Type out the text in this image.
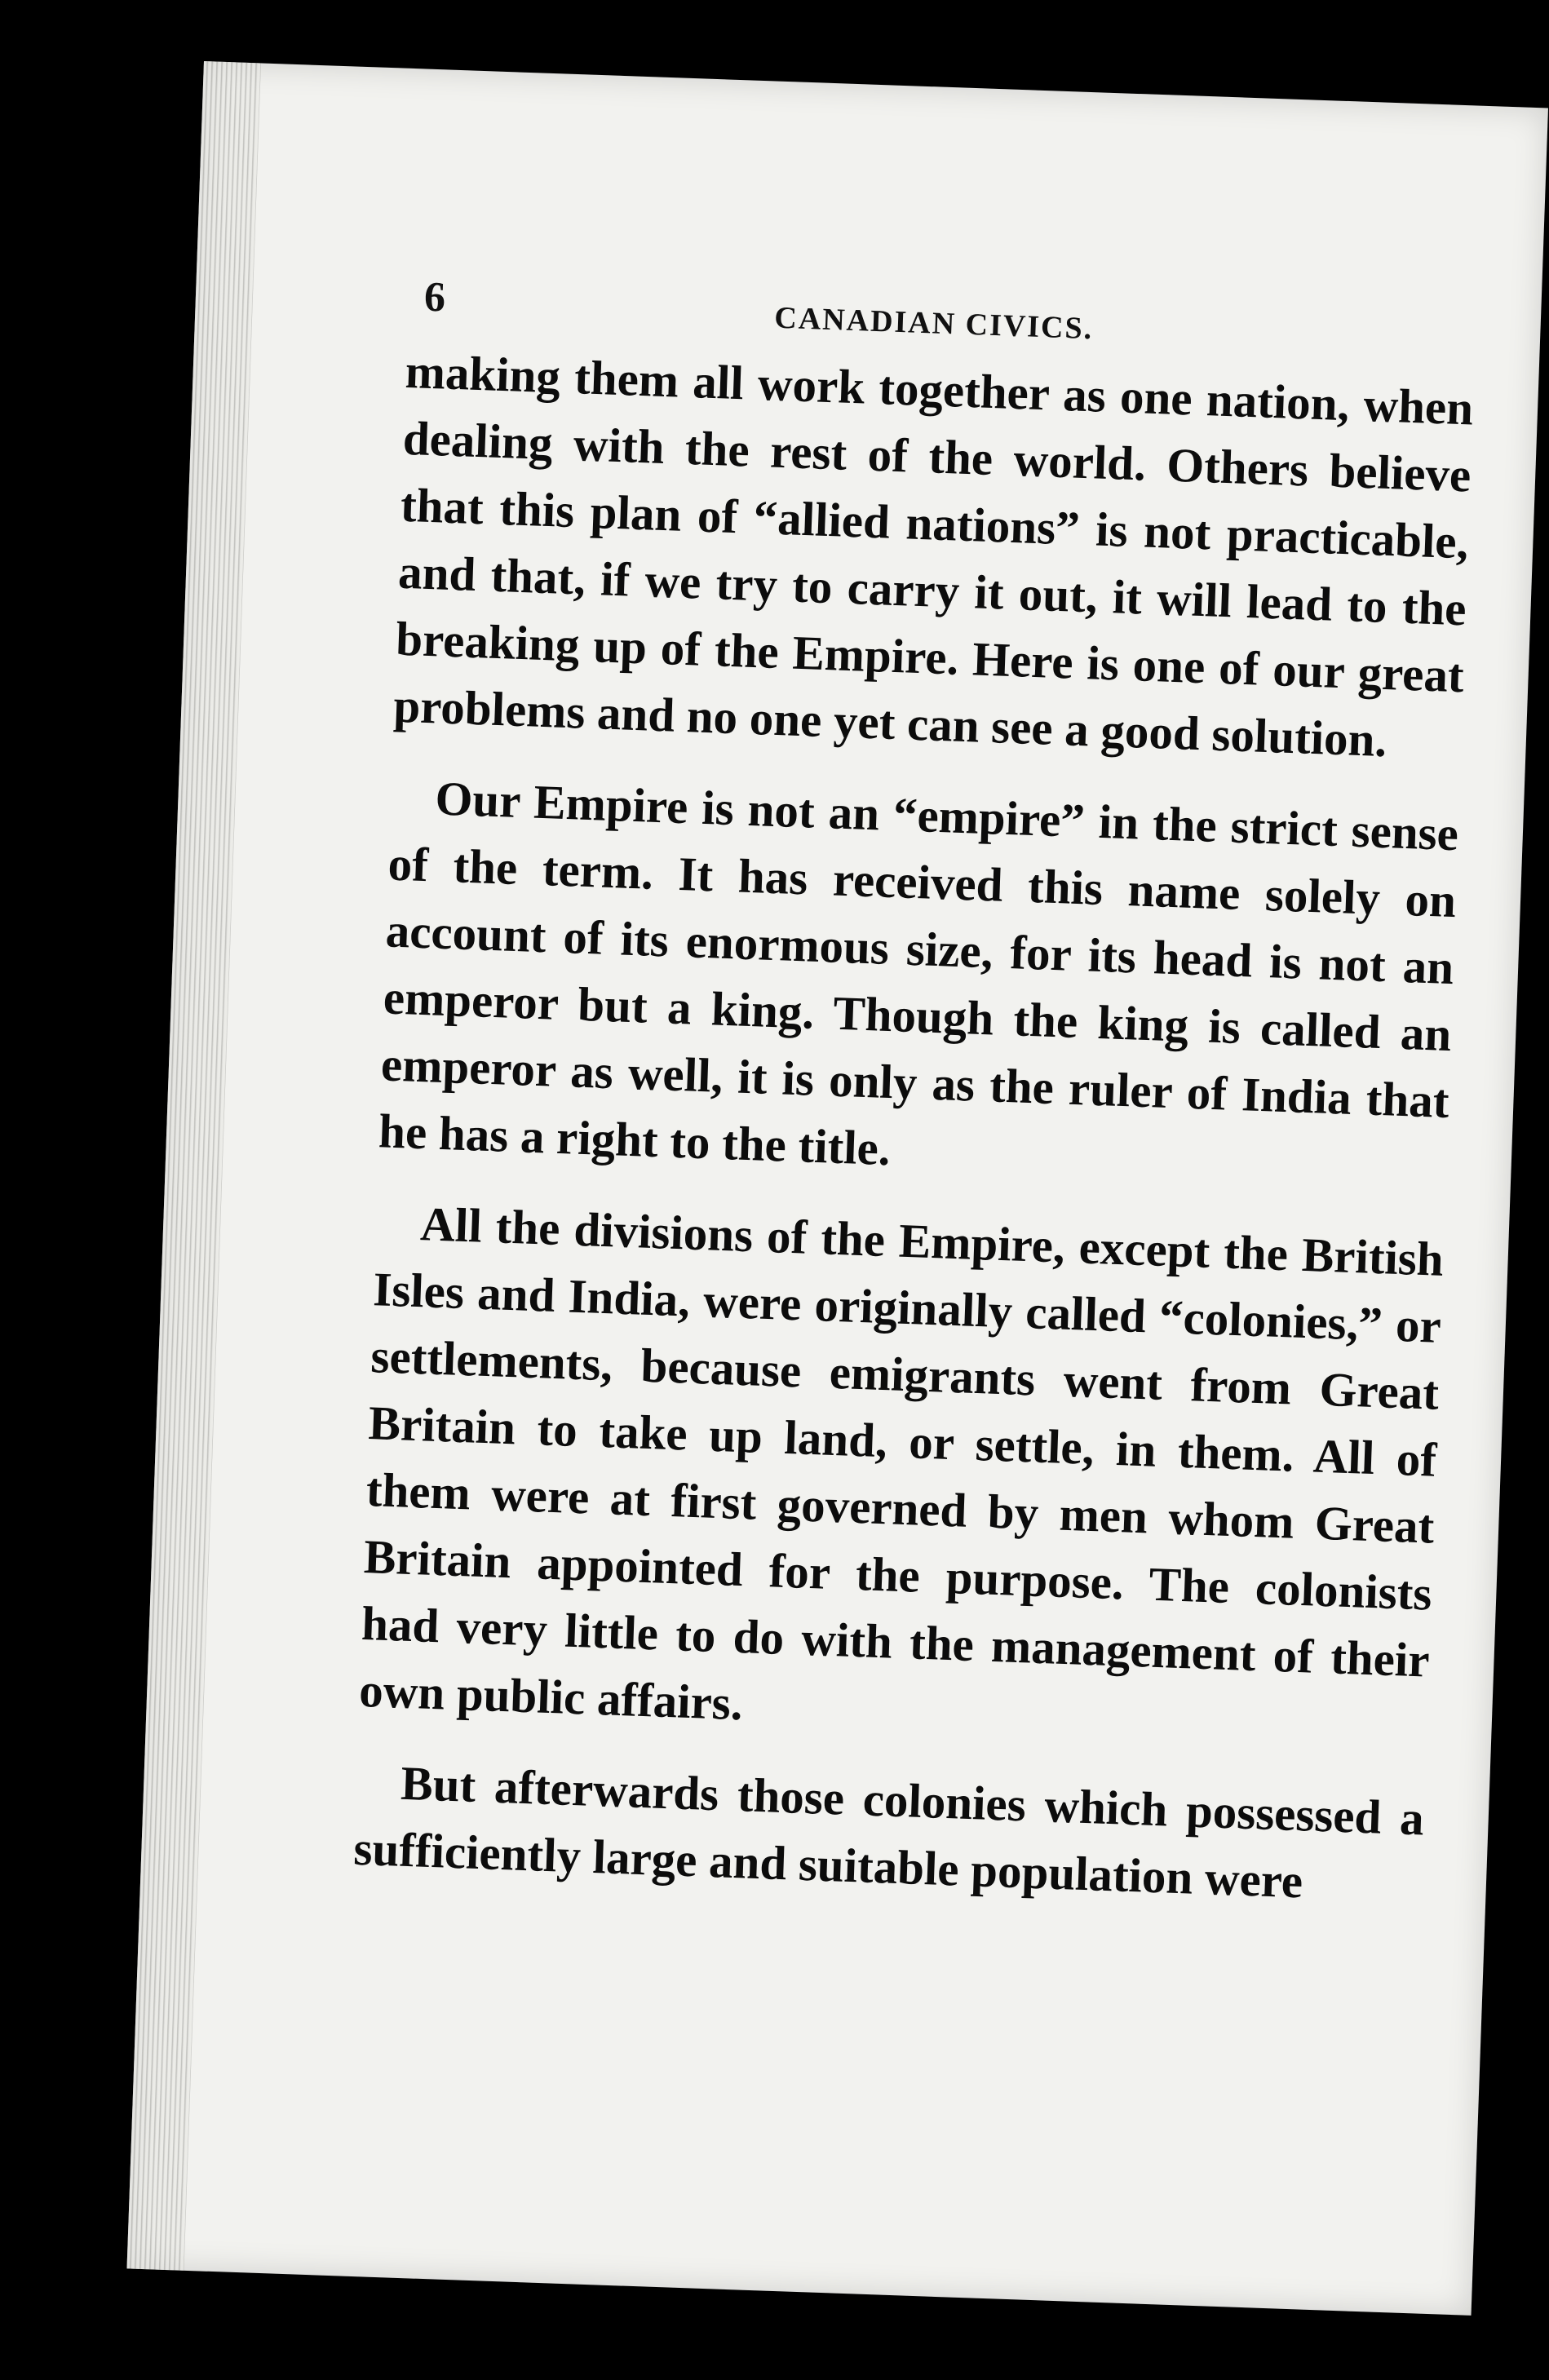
6
CANADIAN CIVICS.

making them all work together as one nation, when dealing with the rest of the world. Others believe that this plan of “allied nations” is not practicable, and that, if we try to carry it out, it will lead to the breaking up of the Empire. Here is one of our great problems and no one yet can see a good solution.

Our Empire is not an “empire” in the strict sense of the term. It has received this name solely on account of its enormous size, for its head is not an emperor but a king. Though the king is called an emperor as well, it is only as the ruler of India that he has a right to the title.

All the divisions of the Empire, except the British Isles and India, were originally called “colonies,” or settlements, because emigrants went from Great Britain to take up land, or settle, in them. All of them were at first governed by men whom Great Britain appointed for the purpose. The colonists had very little to do with the management of their own public affairs.

But afterwards those colonies which possessed a sufficiently large and suitable population were
